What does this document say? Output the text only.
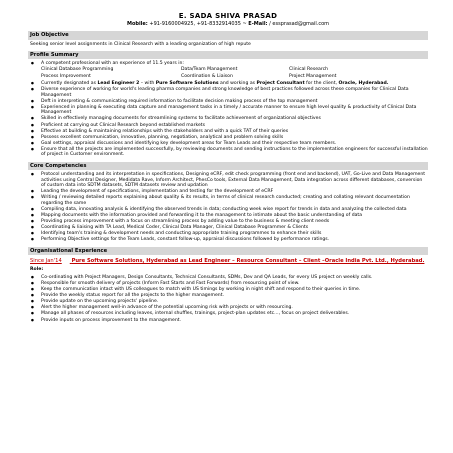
E. SADA SHIVA PRASAD
Mobile: +91-9160004925, +91-8332914035 ~ E-Mail: / essprasad@gmail.com
Job Objective
Seeking senior level assignments in Clinical Research with a leading organization of high repute
Profile Summary
● A competent professional with an experience of 11.5 years in:
Clinical Database Programming	Data/Team Management	Clinical Research
Process Improvement	Coordination & Liaison	Project Management
● Currently designated as Lead Engineer 2 – with Pure Software Solutions and working as Project Consultant for the client, Oracle, Hyderabad.
● Diverse experience of working for world's leading pharma companies and strong knowledge of best practices followed across these companies for Clinical Data Management
● Deft in interpreting & communicating required information to facilitate decision making process of the top management
● Experienced in planning & executing data capture and management tasks in a timely / accurate manner to ensure high level quality & productivity of Clinical Data Management
● Skilled in effectively managing documents for streamlining systems to facilitate achievement of organizational objectives
● Proficient at carrying out Clinical Research beyond established markets
● Effective at building & maintaining relationships with the stakeholders and with a quick TAT of their queries
● Possess excellent communication, innovative, planning, negotiation, analytical and problem solving skills
● Goal settings, appraisal discussions and identifying key development areas for Team Leads and their respective team members.
● Ensure that all the projects are implemented successfully, by reviewing documents and sending instructions to the implementation engineers for successful installation of project in Customer environment.
Core Competencies
● Protocol understanding and its interpretation in specifications, Designing eCRF, edit check programming (front end and backend), UAT, Go-Live and Data Management activities using Central Designer, Medidata Rave, Inform Architect, PhesCo tools, External Data Management, Data integration across different databases, conversion of custom data into SDTM datasets, SDTM datasets review and updation
● Leading the development of specifications, implementation and testing for the development of eCRF
● Writing / reviewing detailed reports explaining about quality & its results, in terms of clinical research conducted; creating and collating relevant documentation regarding the same
● Compiling data, innovating analysis & identifying the observed trends in data; conducting week wise report for trends in data and analyzing the collected data
● Mapping documents with the information provided and forwarding it to the management to intimate about the basic understanding of data
● Providing process improvement with a focus on streamlining process by adding value to the business & meeting client needs
● Coordinating & liaising with TA Lead, Medical Coder, Clinical Data Manager, Clinical Database Programmer & Clients
● Identifying team's training & development needs and conducting appropriate training programmes to enhance their skills
● Performing Objective settings for the Team Leads, constant follow-up, appraisal discussions followed by performance ratings.
Organisational Experience
Since Jan'14 Pure Software Solutions, Hyderabad as Lead Engineer – Resource Consultant – Client –Oracle India Pvt. Ltd., Hyderabad.
Role:
● Co-ordinating with Project Managers, Design Consultants, Technical Consultants, SDMs, Dev and QA Leads, for every US project on weekly calls.
● Responsible for smooth delivery of projects (Inform Fast Starts and Fast Forwards) from resourcing point of view.
● Keep the communication intact with US colleagues to match with US timings by working in night shift and respond to their queries in time.
● Provide the weekly status report for all the projects to the higher management.
● Provide update on the upcoming projects' pipeline.
● Alert the higher management well-in advance of the potential upcoming risk with projects or with resourcing.
● Manage all phases of resources including leaves, internal shuffles, trainings, project-plan updates etc..., focus on project deliverables.
● Provide inputs on process improvement to the management.
